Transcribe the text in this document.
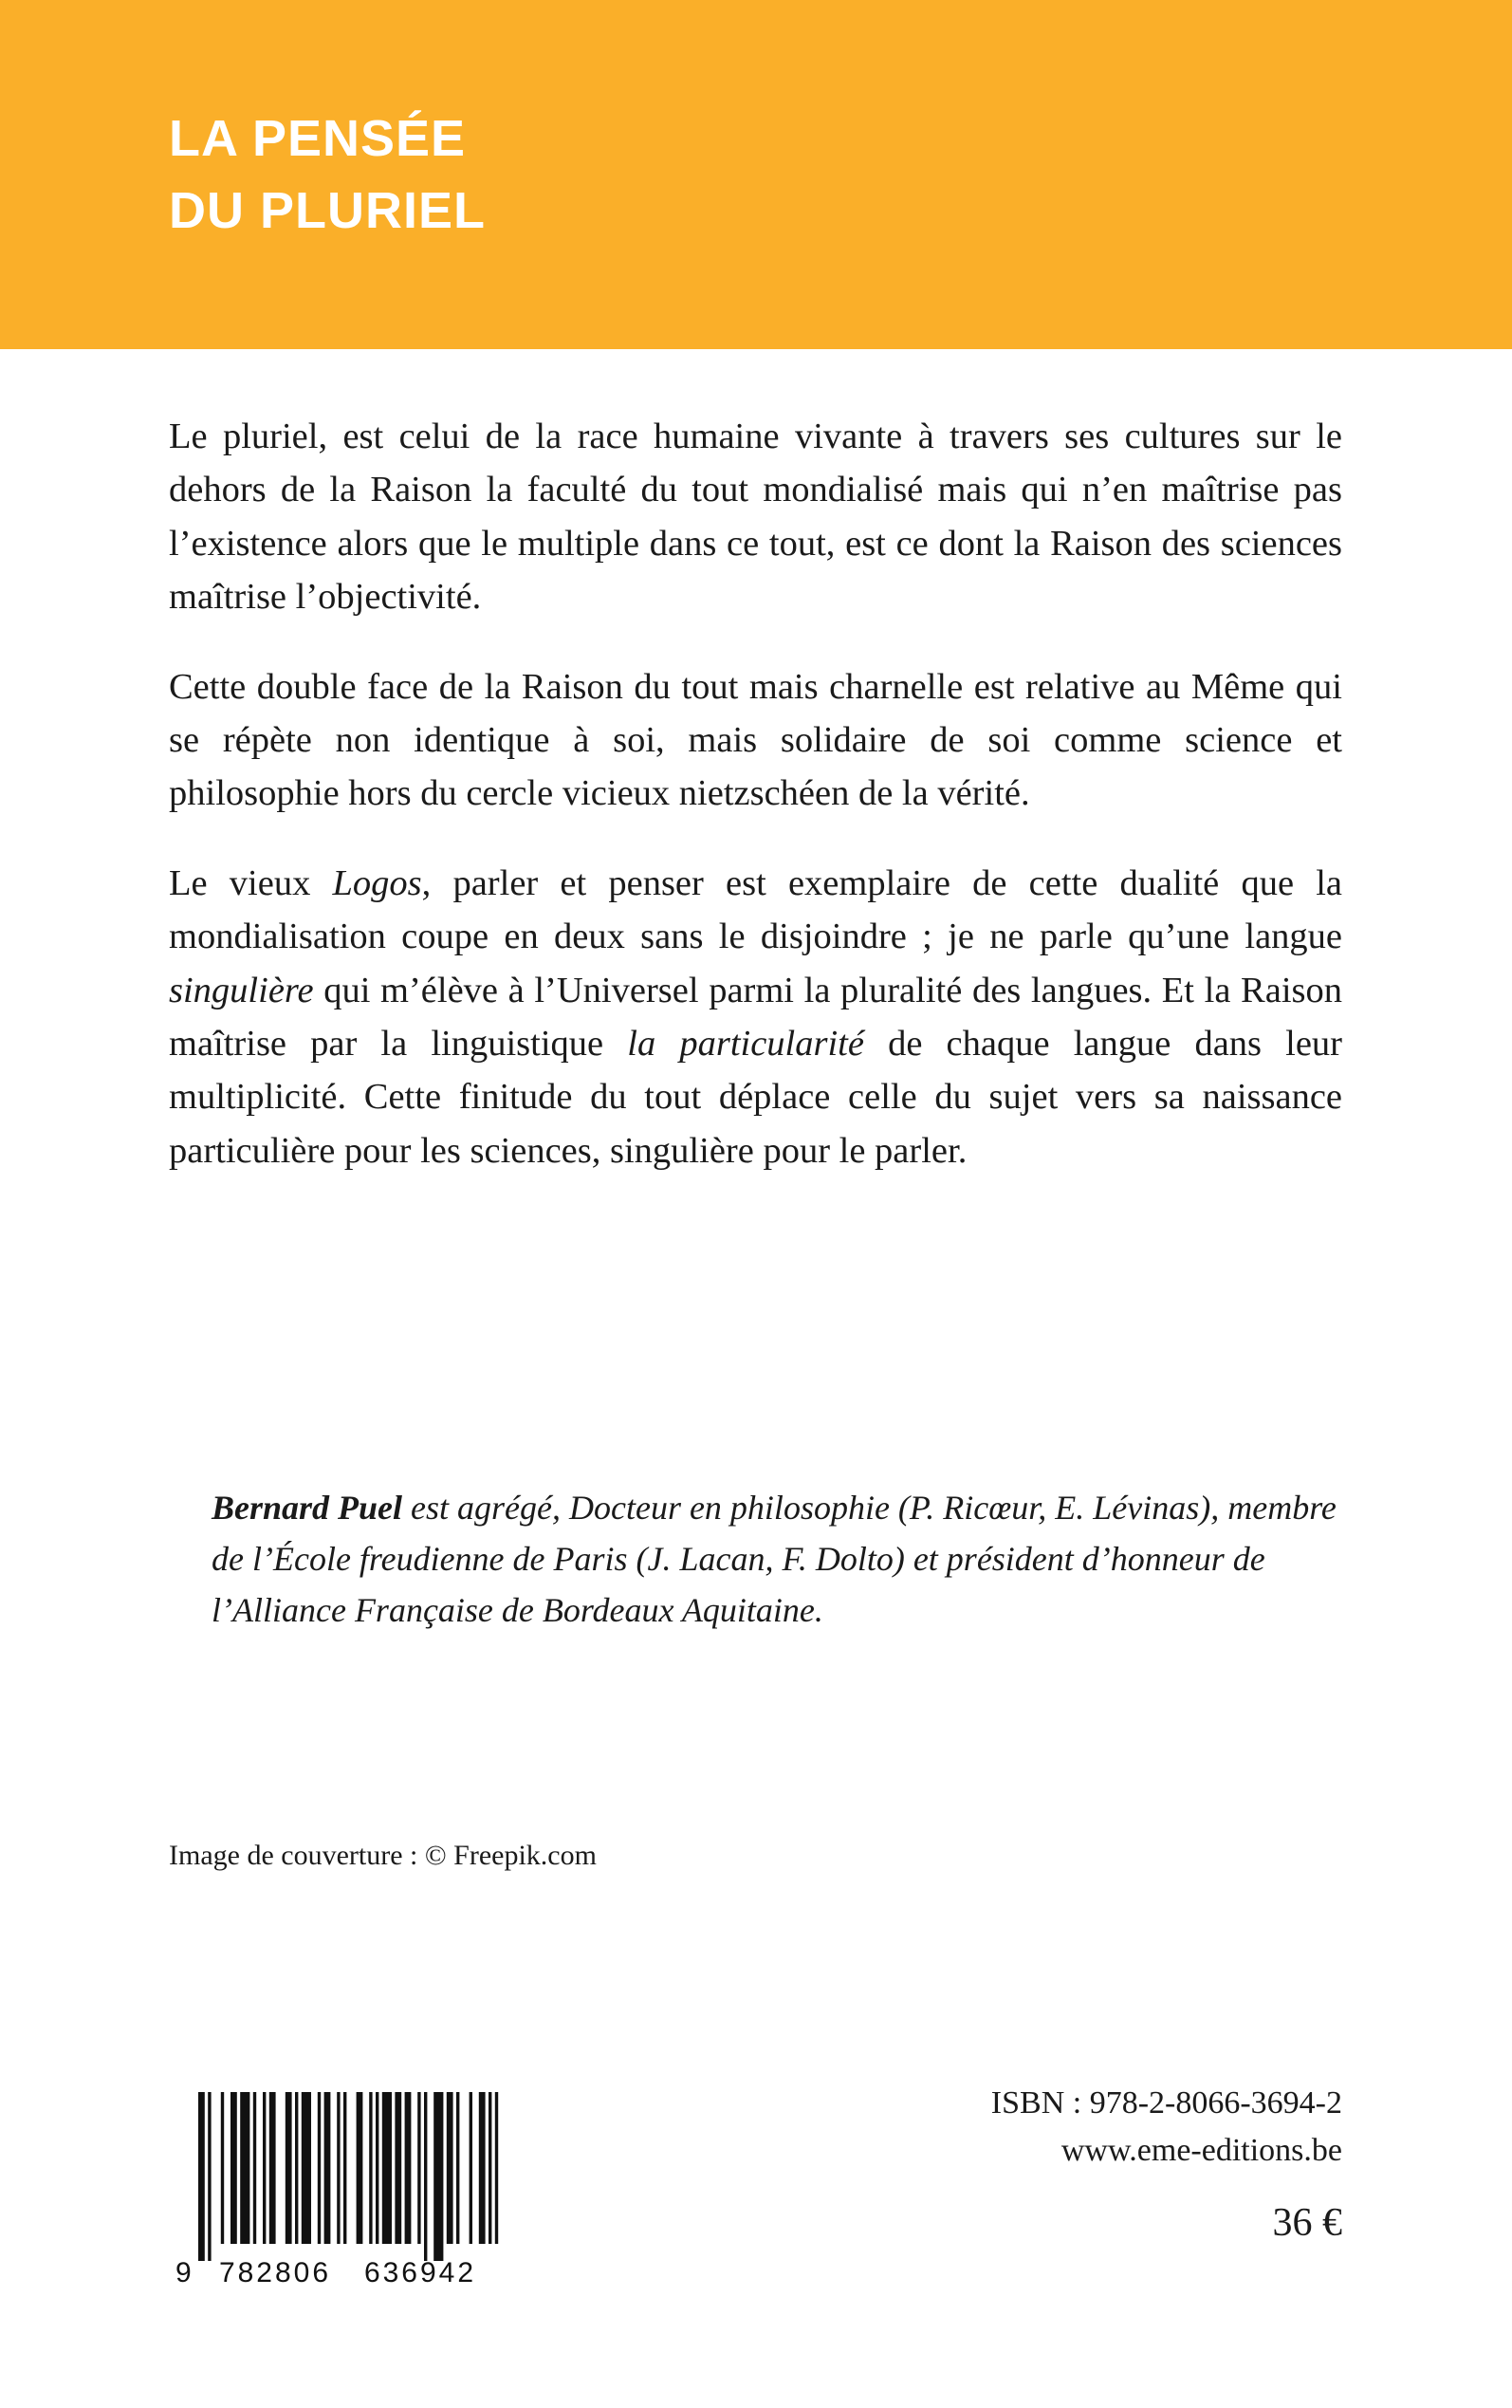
LA PENSÉE
DU PLURIEL

Le pluriel, est celui de la race humaine vivante à travers ses cultures sur le dehors de la Raison la faculté du tout mondialisé mais qui n’en maîtrise pas l’existence alors que le multiple dans ce tout, est ce dont la Raison des sciences maîtrise l’objectivité.

Cette double face de la Raison du tout mais charnelle est relative au Même qui se répète non identique à soi, mais solidaire de soi comme science et philosophie hors du cercle vicieux nietzschéen de la vérité.

Le vieux Logos, parler et penser est exemplaire de cette dualité que la mondialisation coupe en deux sans le disjoindre ; je ne parle qu’une langue singulière qui m’élève à l’Universel parmi la pluralité des langues. Et la Raison maîtrise par la linguistique la particularité de chaque langue dans leur multiplicité. Cette finitude du tout déplace celle du sujet vers sa naissance particulière pour les sciences, singulière pour le parler.

Bernard Puel est agrégé, Docteur en philosophie (P. Ricœur, E. Lévinas), membre de l’École freudienne de Paris (J. Lacan, F. Dolto) et président d’honneur de l’Alliance Française de Bordeaux Aquitaine.
Image de couverture : © Freepik.com
9 782806 636942
ISBN : 978-2-8066-3694-2
www.eme-editions.be
36 €
